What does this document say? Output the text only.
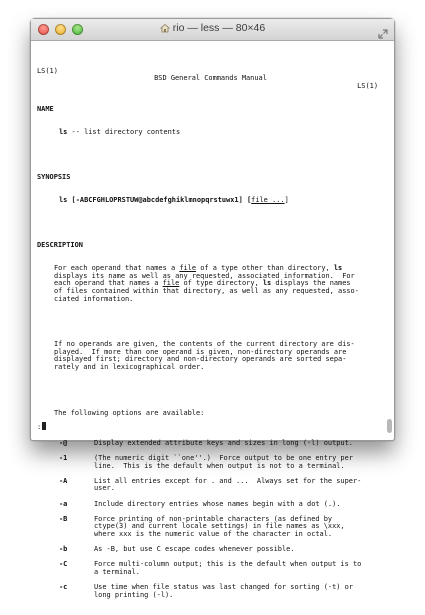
rio — less — 80×46

LS(1)

BSD General Commands Manual

LS(1)

NAME

ls -- list directory contents

SYNOPSIS

ls [-ABCFGHLOPRSTUW@abcdefghiklmnopqrstuwx1] [file ...]

DESCRIPTION

For each operand that names a file of a type other than directory, ls
displays its name as well as any requested, associated information.  For
each operand that names a file of type directory, ls displays the names
of files contained within that directory, as well as any requested, asso-
ciated information.

If no operands are given, the contents of the current directory are dis-
played.  If more than one operand is given, non-directory operands are
displayed first; directory and non-directory operands are sorted sepa-
rately and in lexicographical order.

The following options are available:

-@	Display extended attribute keys and sizes in long (-l) output.
-1	(The numeric digit ``one''.)  Force output to be one entry per
line.  This is the default when output is not to a terminal.
-A	List all entries except for . and ...  Always set for the super-
user.
-a	Include directory entries whose names begin with a dot (.).
-B	Force printing of non-printable characters (as defined by
ctype(3) and current locale settings) in file names as \xxx,
where xxx is the numeric value of the character in octal.
-b	As -B, but use C escape codes whenever possible.
-C	Force multi-column output; this is the default when output is to
a terminal.
-c	Use time when file status was last changed for sorting (-t) or
long printing (-l).

:
